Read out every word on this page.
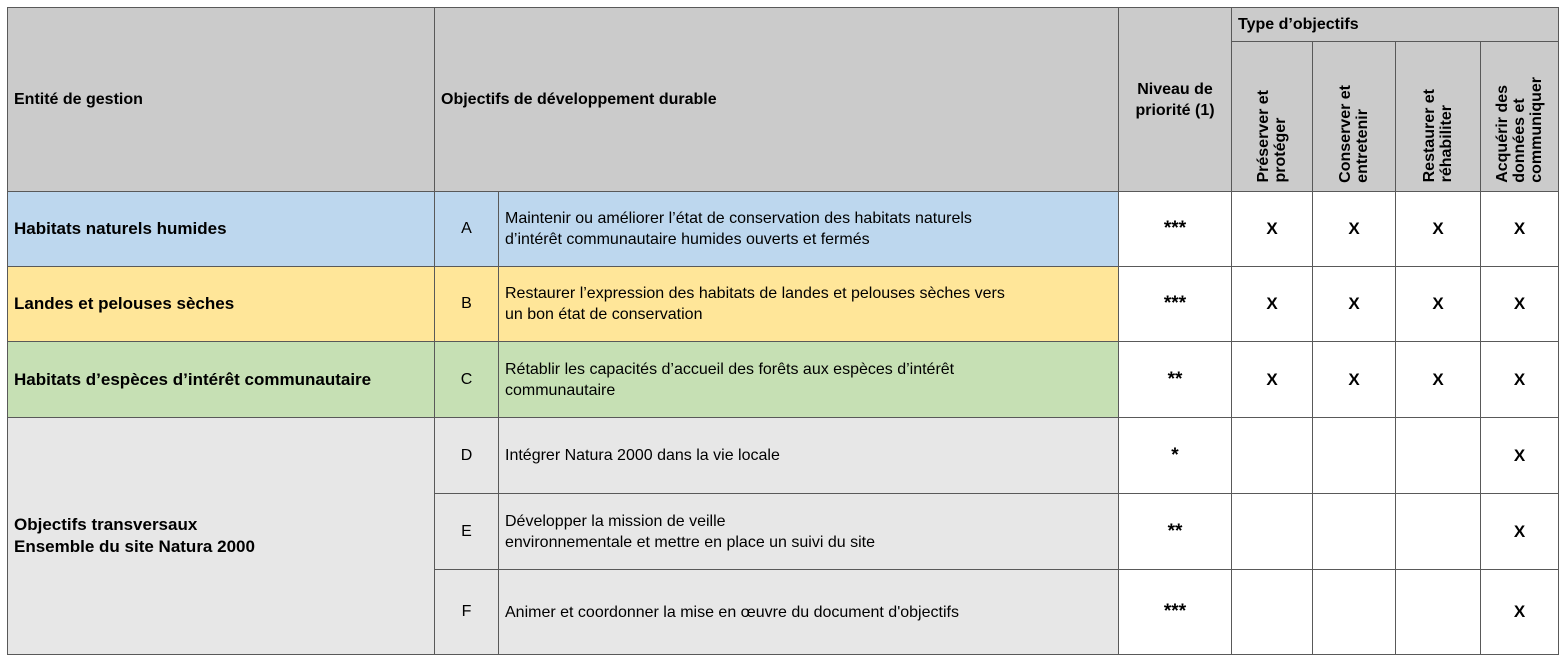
Entité de gestion	Objectifs de développement durable		Niveau de
priorité (1)	Type d’objectifs			

				Préserver et protéger	Conserver et entretenir	Restaurer et réhabiliter	Acquérir des données et communiquer

Habitats naturels humides	A	Maintenir ou améliorer l’état de conservation des habitats naturels
d’intérêt communautaire humides ouverts et fermés	***	X	X	X	X
Landes et pelouses sèches	B	Restaurer l’expression des habitats de landes et pelouses sèches vers
un bon état de conservation	***	X	X	X	X
Habitats d’espèces d’intérêt communautaire	C	Rétablir les capacités d’accueil des forêts aux espèces d’intérêt
communautaire	**	X	X	X	X

Objectifs transversaux
Ensemble du site Natura 2000	D	Intégrer Natura 2000 dans la vie locale	*				X
	E	Développer la mission de veille
environnementale et mettre en place un suivi du site	**				X
	F	Animer et coordonner la mise en œuvre du document d'objectifs	***				X
